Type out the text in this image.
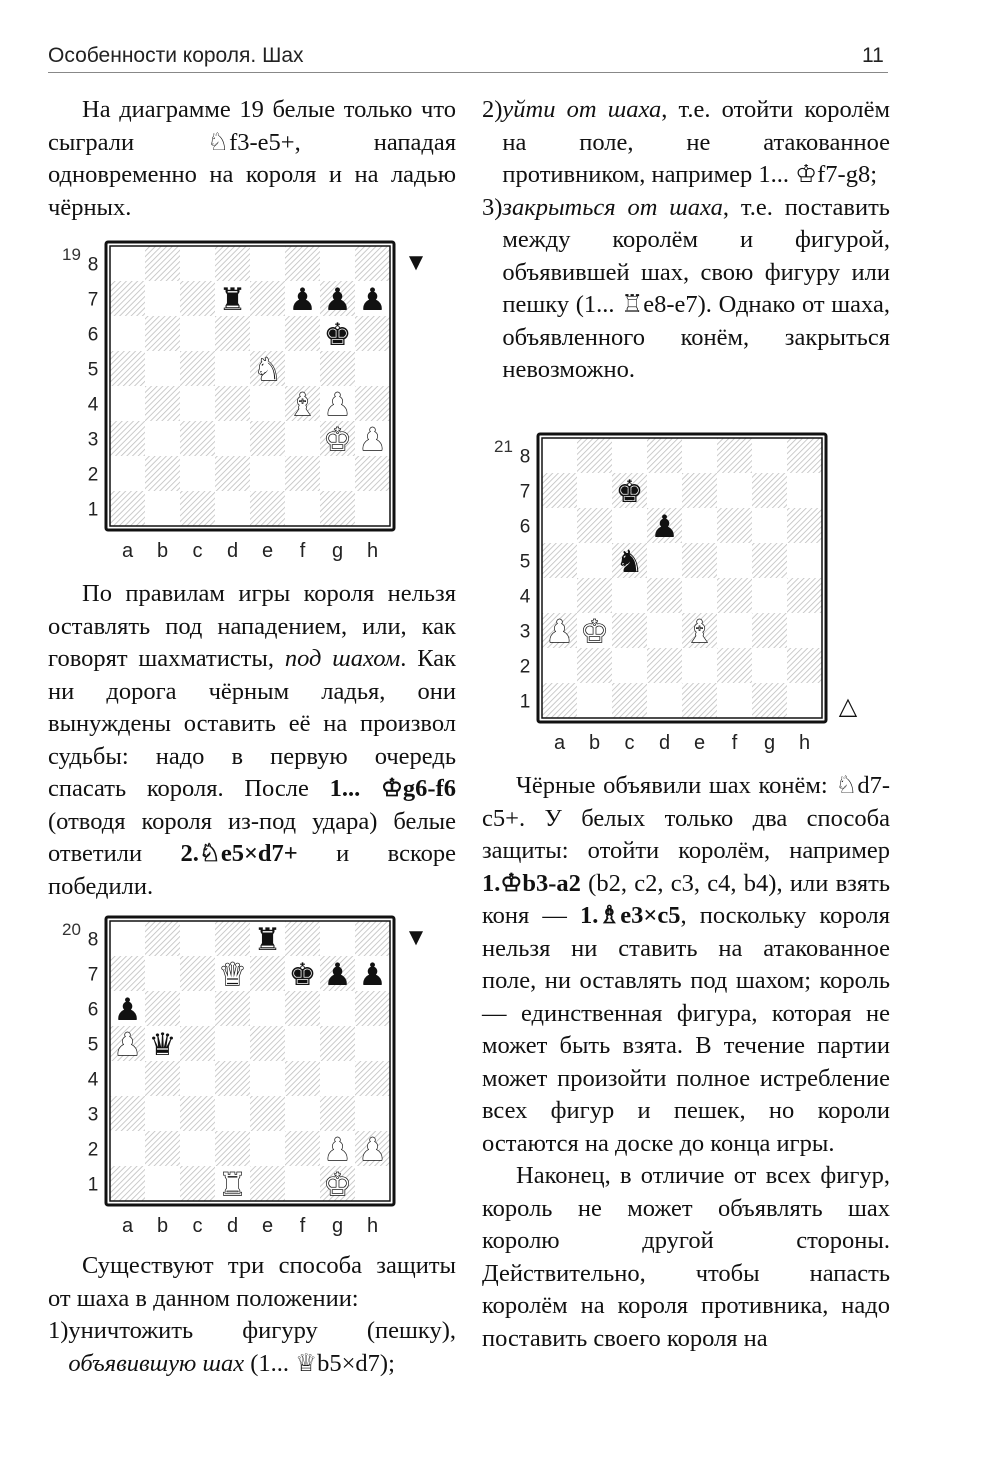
Особенности короля. Шах	11

На диаграмме 19 белые только что сыграли ♘f3-e5+, нападая одновременно на короля и на ладью чёрных.

19 8
7
6
5
4
3
2
1
a b c d e f g h
♜ ♟ ♟ ♟
♚
♞
♝ ♟
♚ ♟
▼

По правилам игры короля нельзя оставлять под нападением, или, как говорят шахматисты, под шахом. Как ни дорога чёрным ладья, они вынуждены оставить её на произвол судьбы: надо в первую очередь спасать короля. После 1... ♔g6-f6 (отводя короля из-под удара) белые ответили 2.♘e5×d7+ и вскоре победили.

20 8
7
6
5
4
3
2
1
a b c d e f g h
♜
♛ ♚ ♟ ♟
♟
♟ ♛
♟ ♟
♜ ♚
▼

Существуют три способа защиты от шаха в данном положении:

1) уничтожить фигуру (пешку), объявившую шах (1... ♕b5×d7);
2) уйти от шаха, т.е. отойти королём на поле, не атакованное противником, например 1... ♔f7-g8;
3) закрыться от шаха, т.е. поставить между королём и фигурой, объявившей шах, свою фигуру или пешку (1... ♖e8-e7). Однако от шаха, объявленного конём, закрыться невозможно.
21 8
7
6
5
4
3
2
1
a b c d e f g h
♚
♟
♞
♟ ♚ ♝
△

Чёрные объявили шах конём: ♘d7-c5+. У белых только два способа защиты: отойти королём, например 1.♔b3-a2 (b2, c2, c3, c4, b4), или взять коня — 1.♗e3×c5, поскольку короля нельзя ни ставить на атакованное поле, ни оставлять под шахом; король — единственная фигура, которая не может быть взята. В течение партии может произойти полное истребление всех фигур и пешек, но короли остаются на доске до конца игры.

Наконец, в отличие от всех фигур, король не может объявлять шах королю другой стороны. Действительно, чтобы напасть королём на короля противника, надо поставить своего короля на
